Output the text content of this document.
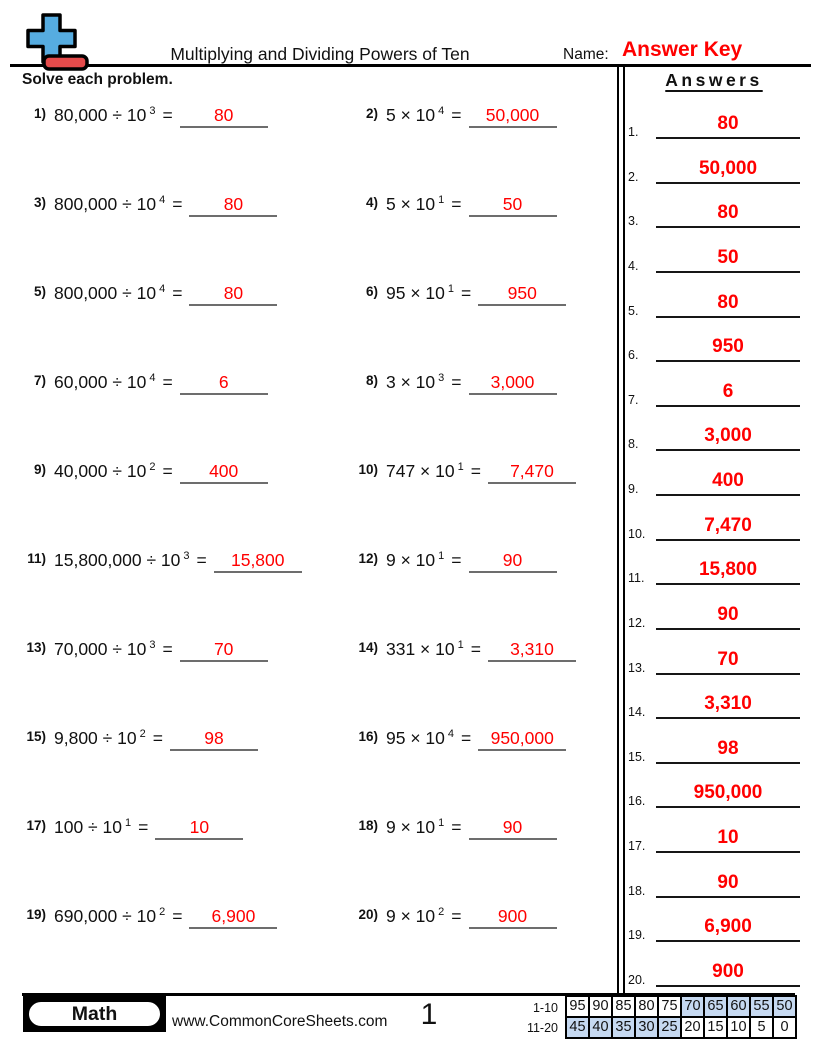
Multiplying and Dividing Powers of Ten	Name: Answer Key
Solve each problem.
1) 80,000 ÷ 10 $^3$ = 80	2) 5 × 10 $^4$ = 50,000
3) 800,000 ÷ 10 $^4$ = 80	4) 5 × 10 $^1$ = 50
5) 800,000 ÷ 10 $^4$ = 80	6) 95 × 10 $^1$ = 950
7) 60,000 ÷ 10 $^4$ =	6	8) 3 × 10 $^3$ = 3,000
9) 40,000 ÷ 10 $^2$ = 400	10) 747 × 10 $^1$ = 7,470
11) 15,800,000 ÷ 10 $^3$ = 15,800	12) 9 × 10 $^1$ = 90
13) 70,000 ÷ 10 $^3$ = 70	14) 331 × 10 $^1$ = 3,310
15) 9,800 ÷ 10 $^2$ = 98	16) 95 × 10 $^4$ = 950,000
17) 100 ÷ 10 $^1$ = 10	18) 9 × 10 $^1$ = 90
19) 690,000 ÷ 10 $^2$ = 6,900	20) 9 × 10 $^2$ = 900
Answers
1.	80
2.	50,000
3.	80
4.	50
5.	80
6.	950
7.	6
8.	3,000
9.	400
10.	7,470
11.	15,800
12.	90
13.	70
14.	3,310
15.	98
16.	950,000
17.	10
18.	90
19.	6,900
20.	900
Math	www.CommonCoreSheets.com	1	1-10
11-20
95	90	85	80	75	70	65	60	55	50
45	40	35	30	25	20	15	10	5	0
